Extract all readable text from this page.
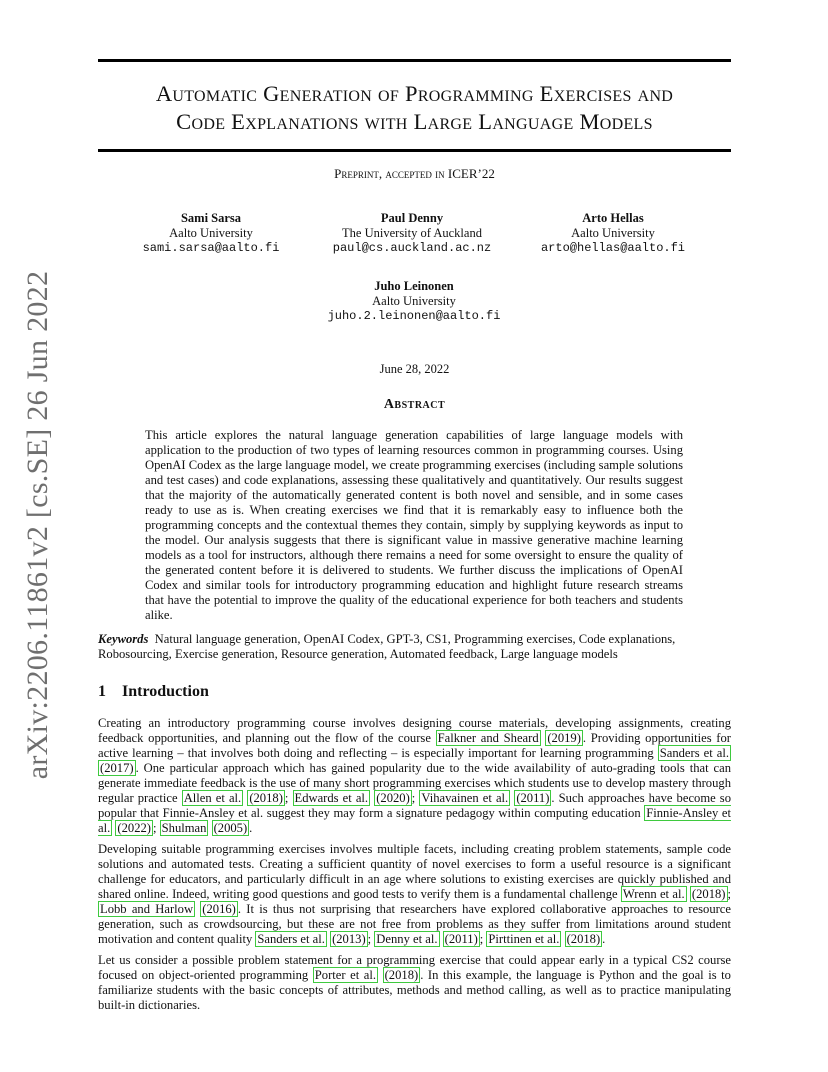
arXiv:2206.11861v2 [cs.SE] 26 Jun 2022
Automatic Generation of Programming Exercises and
Code Explanations with Large Language Models
Preprint, accepted in ICER’22
Sami Sarsa
Aalto University
sami.sarsa@aalto.fi
Paul Denny
The University of Auckland
paul@cs.auckland.ac.nz
Arto Hellas
Aalto University
arto@hellas@aalto.fi
Juho Leinonen
Aalto University
juho.2.leinonen@aalto.fi
June 28, 2022
Abstract
This article explores the natural language generation capabilities of large language models with application to the production of two types of learning resources common in programming courses. Using OpenAI Codex as the large language model, we create programming exercises (including sample solutions and test cases) and code explanations, assessing these qualitatively and quantitatively. Our results suggest that the majority of the automatically generated content is both novel and sensible, and in some cases ready to use as is. When creating exercises we find that it is remarkably easy to influence both the programming concepts and the contextual themes they contain, simply by supplying keywords as input to the model. Our analysis suggests that there is significant value in massive generative machine learning models as a tool for instructors, although there remains a need for some oversight to ensure the quality of the generated content before it is delivered to students. We further discuss the implications of OpenAI Codex and similar tools for introductory programming education and highlight future research streams that have the potential to improve the quality of the educational experience for both teachers and students alike.
Keywords Natural language generation, OpenAI Codex, GPT-3, CS1, Programming exercises, Code explanations, Robosourcing, Exercise generation, Resource generation, Automated feedback, Large language models
1 Introduction

Creating an introductory programming course involves designing course materials, developing assignments, creating feedback opportunities, and planning out the flow of the course Falkner and Sheard (2019) . Providing opportunities for active learning – that involves both doing and reflecting – is especially important for learning programming Sanders et al. (2017) . One particular approach which has gained popularity due to the wide availability of auto-grading tools that can generate immediate feedback is the use of many short programming exercises which students use to develop mastery through regular practice Allen et al. (2018) ; Edwards et al. (2020) ; Vihavainen et al. (2011) . Such approaches have become so popular that Finnie-Ansley et al. suggest they may form a signature pedagogy within computing education Finnie-Ansley et al. (2022) ; Shulman (2005) .

Developing suitable programming exercises involves multiple facets, including creating problem statements, sample code solutions and automated tests. Creating a sufficient quantity of novel exercises to form a useful resource is a significant challenge for educators, and particularly difficult in an age where solutions to existing exercises are quickly published and shared online. Indeed, writing good questions and good tests to verify them is a fundamental challenge Wrenn et al. (2018) ; Lobb and Harlow (2016) . It is thus not surprising that researchers have explored collaborative approaches to resource generation, such as crowdsourcing, but these are not free from problems as they suffer from limitations around student motivation and content quality Sanders et al. (2013) ; Denny et al. (2011) ; Pirttinen et al. (2018) .

Let us consider a possible problem statement for a programming exercise that could appear early in a typical CS2 course focused on object-oriented programming Porter et al. (2018) . In this example, the language is Python and the goal is to familiarize students with the basic concepts of attributes, methods and method calling, as well as to practice manipulating built-in dictionaries.
